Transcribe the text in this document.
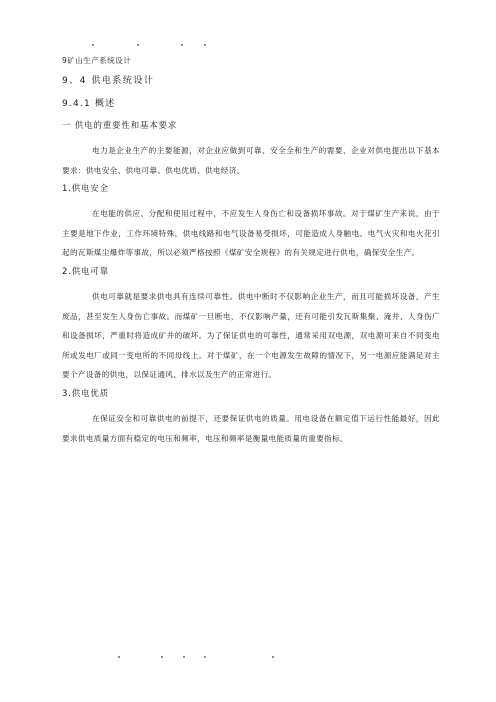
9矿山生产系统设计
9、4 供电系统设计
9.4.1 概述
一 供电的重要性和基本要求

电力是企业生产的主要能源，对企业应做到可靠、安全全和生产的需要，企业对供电提出以下基本要求：供电安全、供电可靠、供电优质、供电经济。

1.供电安全

在电能的供应、分配和使用过程中，不应发生人身伤亡和设备损坏事故。对于煤矿生产来说，由于主要是地下作业，工作环境特殊，供电线路和电气设备易受损坏，可能造成人身触电、电气火灾和电火花引起的瓦斯煤尘爆炸等事故，所以必须严格按照《煤矿安全规程》的有关规定进行供电，确保安全生产。

2.供电可靠

供电可靠就是要求供电具有连续可靠性。供电中断时不仅影响企业生产，而且可能损坏设备，产生废品，甚至发生人身伤亡事故。而煤矿一旦断电，不仅影响产量，还有可能引发瓦斯集聚、淹井、人身伤广和设备损坏，严重时将造成矿井的破坏。为了保证供电的可靠性，通常采用双电源，双电源可来自不同变电所或发电厂或同一变电所的不同母线上。对于煤矿，在一个电源发生故障的情况下，另一电源应能满足对主要个产设备的供电，以保证通风、排水以及生产的正常进行。

3.供电优质

在保证安全和可靠供电的前提下，还要保证供电的质量。用电设备在额定值下运行性能最好，因此要求供电质量方面有稳定的电压和频率，电压和频率是衡量电能质量的重要指标。
